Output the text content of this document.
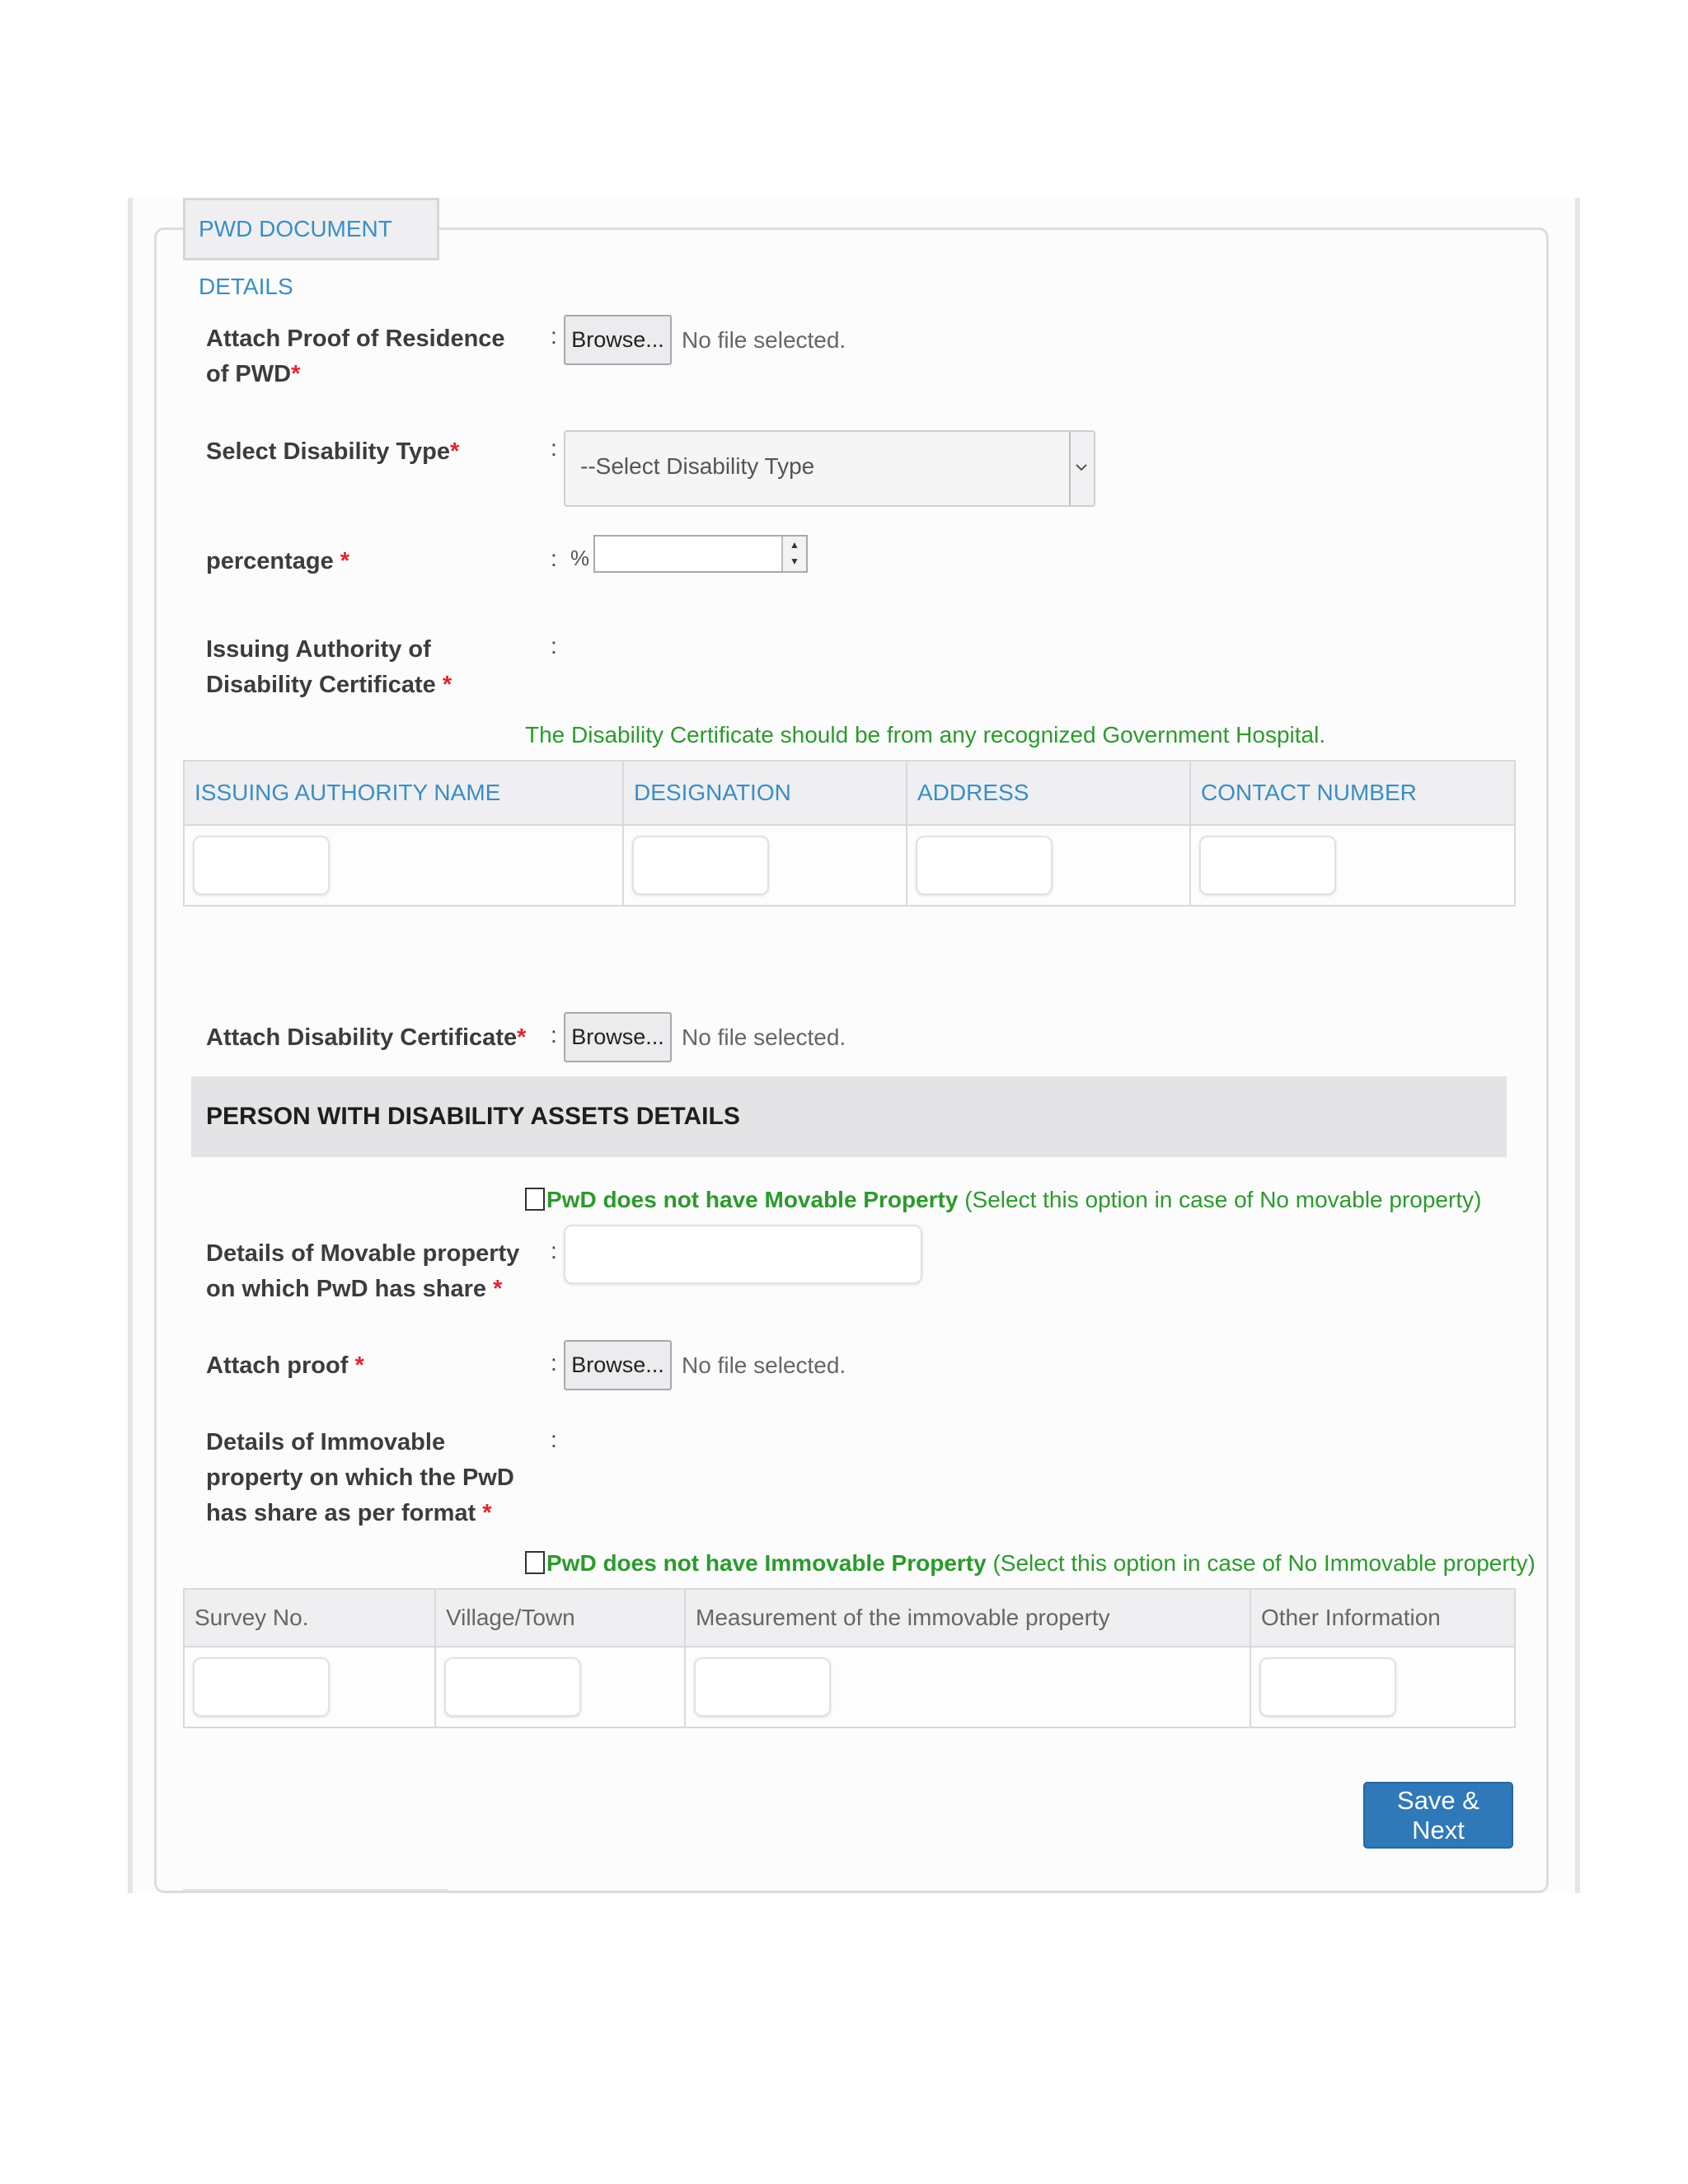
PWD DOCUMENT DETAILS
Attach Proof of Residence of PWD*
: Browse... No file selected.
Select Disability Type*	:
--Select Disability Type
percentage *	: %
▲
▼
Issuing Authority of Disability Certificate *
:
The Disability Certificate should be from any recognized Government Hospital.
ISSUING AUTHORITY NAME	DESIGNATION	ADDRESS	CONTACT NUMBER

Attach Disability Certificate* : Browse... No file selected.
PERSON WITH DISABILITY ASSETS DETAILS
PwD does not have Movable Property (Select this option in case of No movable property)
Details of Movable property on which PwD has share *
:
Attach proof *	: Browse... No file selected.
Details of Immovable property on which the PwD has share as per format *
:
PwD does not have Immovable Property (Select this option in case of No Immovable property)
Survey No.	Village/Town	Measurement of the immovable property	Other Information

Save & Next
